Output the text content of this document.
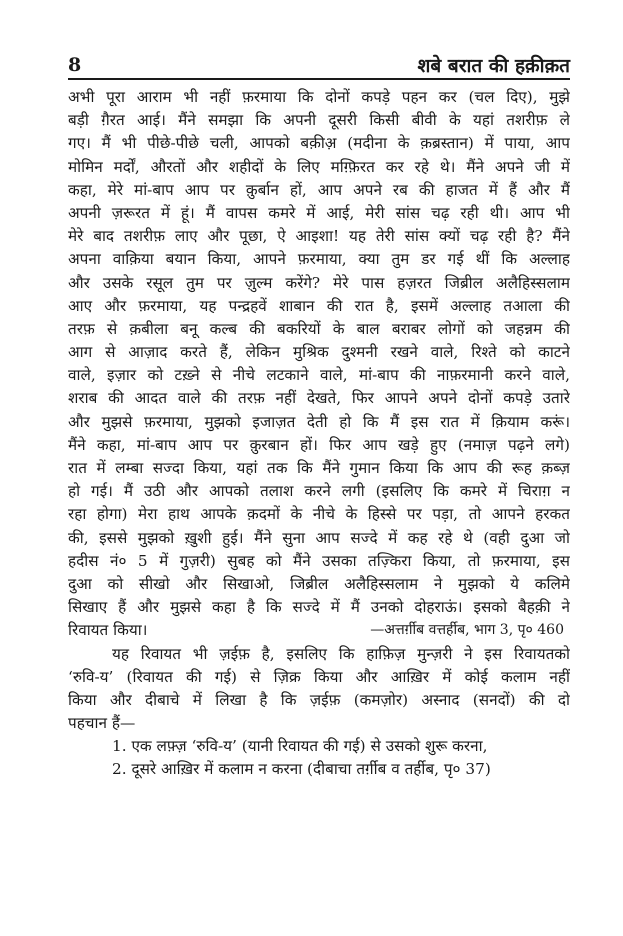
8	शबे बरात की हक़ीक़त
अभी पूरा आराम भी नहीं फ़रमाया कि दोनों कपड़े पहन कर (चल दिए), मुझे
बड़ी ग़ैरत आई। मैंने समझा कि अपनी दूसरी किसी बीवी के यहां तशरीफ़ ले
गए। मैं भी पीछे-पीछे चली, आपको बक़ीअ़ (मदीना के क़ब्रस्तान) में पाया, आप
मोमिन मर्दों, औरतों और शहीदों के लिए मग़्फ़िरत कर रहे थे। मैंने अपने जी में
कहा, मेरे मां-बाप आप पर क़ुर्बान हों, आप अपने रब की हाजत में हैं और मैं
अपनी ज़रूरत में हूं। मैं वापस कमरे में आई, मेरी सांस चढ़ रही थी। आप भी
मेरे बाद तशरीफ़ लाए और पूछा, ऐ आइशा! यह तेरी सांस क्यों चढ़ रही है? मैंने
अपना वाक़िया बयान किया, आपने फ़रमाया, क्या तुम डर गई थीं कि अल्लाह
और उसके रसूल तुम पर ज़ुल्म करेंगे? मेरे पास हज़रत जिब्रील अलैहिस्सलाम
आए और फ़रमाया, यह पन्द्रहवें शाबान की रात है, इसमें अल्लाह तआला की
तरफ़ से क़बीला बनू कल्ब की बकरियों के बाल बराबर लोगों को जहन्नम की
आग से आज़ाद करते हैं, लेकिन मुश्रिक दुश्मनी रखने वाले, रिश्ते को काटने
वाले, इज़ार को टख़्ने से नीचे लटकाने वाले, मां-बाप की नाफ़रमानी करने वाले,
शराब की आदत वाले की तरफ़ नहीं देखते, फिर आपने अपने दोनों कपड़े उतारे
और मुझसे फ़रमाया, मुझको इजाज़त देती हो कि मैं इस रात में क़ियाम करूं।
मैंने कहा, मां-बाप आप पर क़ुरबान हों। फिर आप खड़े हुए (नमाज़ पढ़ने लगे)
रात में लम्बा सज्दा किया, यहां तक कि मैंने गुमान किया कि आप की रूह क़ब्ज़
हो गई। मैं उठी और आपको तलाश करने लगी (इसलिए कि कमरे में चिराग़ न
रहा होगा) मेरा हाथ आपके क़दमों के नीचे के हिस्से पर पड़ा, तो आपने हरकत
की, इससे मुझको ख़ुशी हुई। मैंने सुना आप सज्दे में कह रहे थे (वही दुआ जो
हदीस नं० 5 में गुज़री) सुबह को मैंने उसका तज़्किरा किया, तो फ़रमाया, इस
दुआ को सीखो और सिखाओ, जिब्रील अलैहिस्सलाम ने मुझको ये कलिमे
सिखाए हैं और मुझसे कहा है कि सज्दे में मैं उनको दोहराऊं। इसको बैहक़ी ने
रिवायत किया।	—अत्तर्ग़ीब वत्तर्हीब, भाग 3, पृ० 460
यह रिवायत भी ज़ईफ़ है, इसलिए कि हाफ़िज़ मुन्ज़री ने इस रिवायतको
‘रुवि-य’ (रिवायत की गई) से ज़िक्र किया और आख़िर में कोई कलाम नहीं
किया और दीबाचे में लिखा है कि ज़ईफ़ (कमज़ोर) अस्नाद (सनदों) की दो
पहचान हैं—
1. एक लफ़्ज़ ‘रुवि-य’ (यानी रिवायत की गई) से उसको शुरू करना,
2. दूसरे आख़िर में कलाम न करना (दीबाचा तर्ग़ीब व तर्हीब, पृ० 37)
